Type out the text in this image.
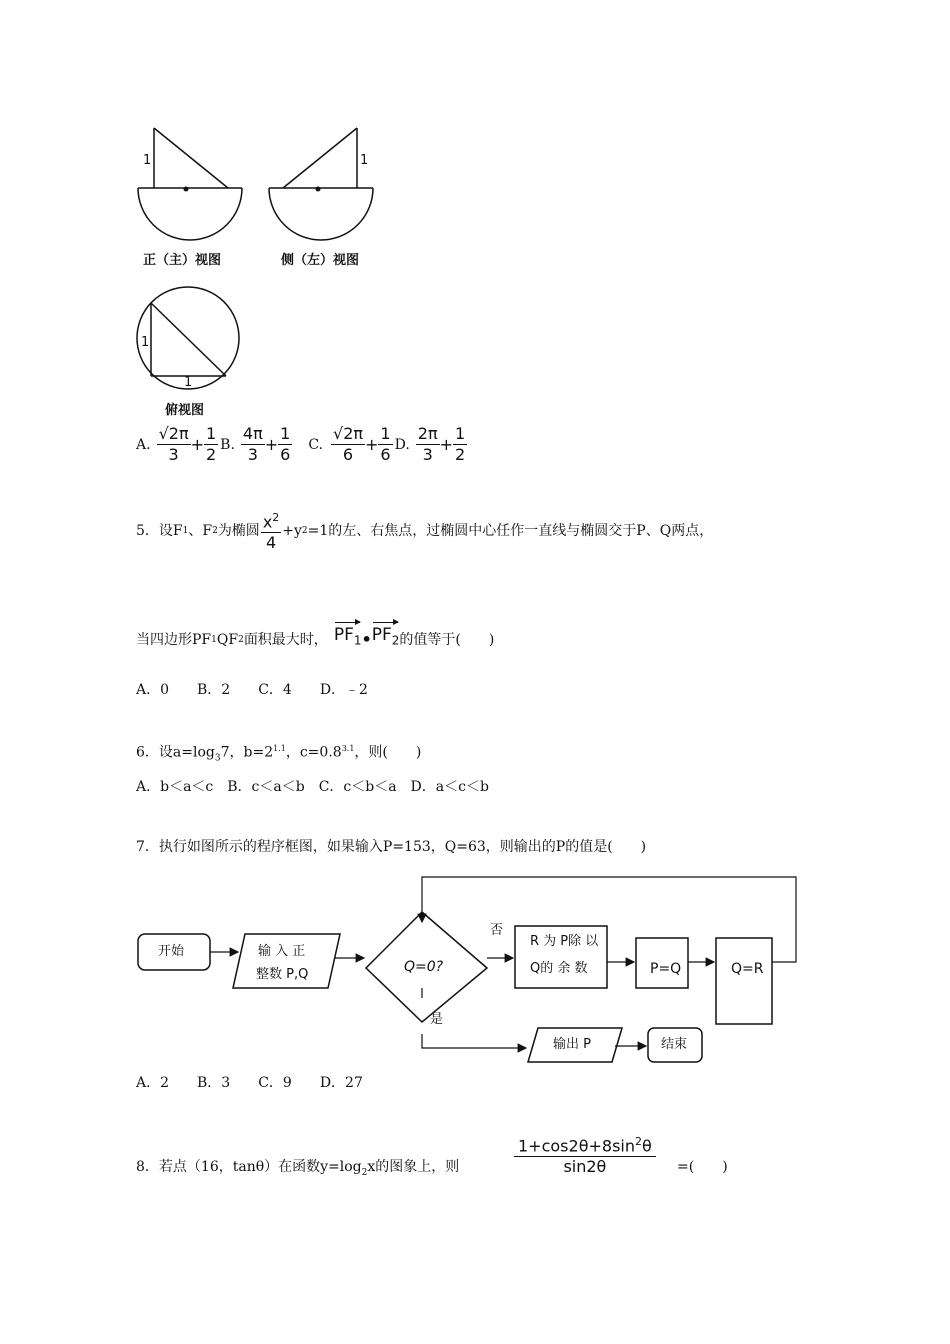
1	1
1
1
正（主）视图	侧（左）视图
俯视图
A. $\frac{√2\pi}{3} + \frac{1}{2} B$. $\frac{4\pi}{3} + \frac{1}{6} C$. $\frac{√2\pi}{6} + \frac{1}{6} D$. $\frac{2\pi}{3} + \frac{1}{2}$
5．设F 1 、F 2 为椭圆 $\frac{x^2}{4} +y$ 2 =1的左、右焦点，过椭圆中心任作一直线与椭圆交于P、Q两点，
当四边形PF 1 QF 2 面积最大时， $PF_1$ • $PF_2$ 的值等于(　　)
A．0　　B．2　　C．4　　D．﹣2
6．设$a=\log_37$，$b=2^{1.1}$，$c=0.8^{3.1}$，则(　　)
A．b＜a＜c　B．c＜a＜b　C．c＜b＜a　D．a＜c＜b
7．执行如图所示的程序框图，如果输入P=153，Q=63，则输出的P的值是(　　)
开始	输 入 正
整数 P,Q	Q=0?
否
是
R 为 P除 以
Q的 余 数	P=Q	Q=R
输出 P	结束
A．2　　B．3　　C．9　　D．27
8．若点（16，tanθ）在函数$y=\log_2x$的图象上，则	$\frac{1+\cos 2\theta+8\sin^2\theta}{\sin 2\theta}$ =(　　)
